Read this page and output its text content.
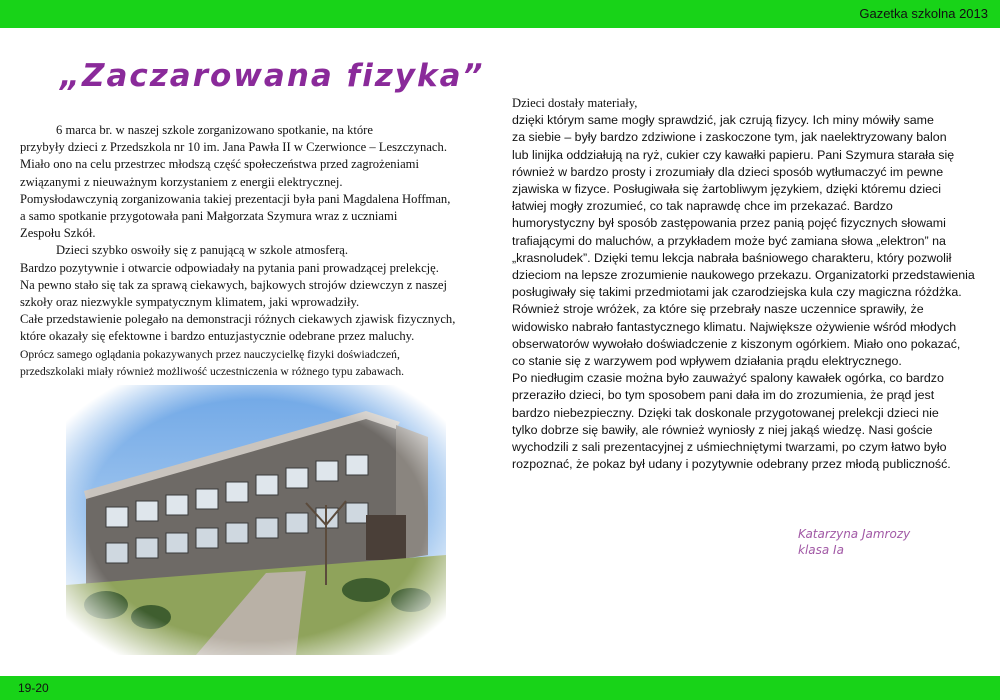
Gazetka szkolna 2013
„Zaczarowana fizyka”

6 marca br. w naszej szkole zorganizowano spotkanie, na które

przybyły dzieci z Przedszkola nr 10 im. Jana Pawła II w Czerwionce – Leszczynach.

Miało ono na celu przestrzec młodszą część społeczeństwa przed zagrożeniami

związanymi z nieuważnym korzystaniem z energii elektrycznej.

Pomysłodawczynią zorganizowania takiej prezentacji była pani Magdalena Hoffman,

a samo spotkanie przygotowała pani Małgorzata Szymura wraz z uczniami

Zespołu Szkół.

Dzieci szybko oswoiły się z panującą w szkole atmosferą.

Bardzo pozytywnie i otwarcie odpowiadały na pytania pani prowadzącej prelekcję.

Na pewno stało się tak za sprawą ciekawych, bajkowych strojów dziewczyn z naszej

szkoły oraz niezwykle sympatycznym klimatem, jaki wprowadziły.

Całe przedstawienie polegało na demonstracji różnych ciekawych zjawisk fizycznych,

które okazały się efektowne i bardzo entuzjastycznie odebrane przez maluchy.

Oprócz samego oglądania pokazywanych przez nauczycielkę fizyki doświadczeń,

przedszkolaki miały również możliwość uczestniczenia w różnego typu zabawach.

Dzieci dostały materiały,

dzięki którym same mogły sprawdzić, jak czrują fizycy. Ich miny mówiły same

za siebie – były bardzo zdziwione i zaskoczone tym, jak naelektryzowany balon

lub linijka oddziałują na ryż, cukier czy kawałki papieru. Pani Szymura starała się

również w bardzo prosty i zrozumiały dla dzieci sposób wytłumaczyć im pewne

zjawiska w fizyce. Posługiwała się żartobliwym językiem, dzięki któremu dzieci

łatwiej mogły zrozumieć, co tak naprawdę chce im przekazać. Bardzo

humorystyczny był sposób zastępowania przez panią pojęć fizycznych słowami

trafiającymi do maluchów, a przykładem może być zamiana słowa „elektron” na

„krasnoludek”. Dzięki temu lekcja nabrała baśniowego charakteru, który pozwolił

dzieciom na lepsze zrozumienie naukowego przekazu. Organizatorki przedstawienia

posługiwały się takimi przedmiotami jak czarodziejska kula czy magiczna różdżka.

Również stroje wróżek, za które się przebrały nasze uczennice sprawiły, że

widowisko nabrało fantastycznego klimatu. Największe ożywienie wśród młodych

obserwatorów wywołało doświadczenie z kiszonym ogórkiem. Miało ono pokazać,

co stanie się z warzywem pod wpływem działania prądu elektrycznego.

Po niedługim czasie można było zauważyć spalony kawałek ogórka, co bardzo

przeraziło dzieci, bo tym sposobem pani dała im do zrozumienia, że prąd jest

bardzo niebezpieczny. Dzięki tak doskonale przygotowanej prelekcji dzieci nie

tylko dobrze się bawiły, ale również wyniosły z niej jakąś wiedzę. Nasi goście

wychodzili z sali prezentacyjnej z uśmiechniętymi twarzami, po czym łatwo było

rozpoznać, że pokaz był udany i pozytywnie odebrany przez młodą publiczność.

Katarzyna Jamrozy
klasa Ia
19-20
